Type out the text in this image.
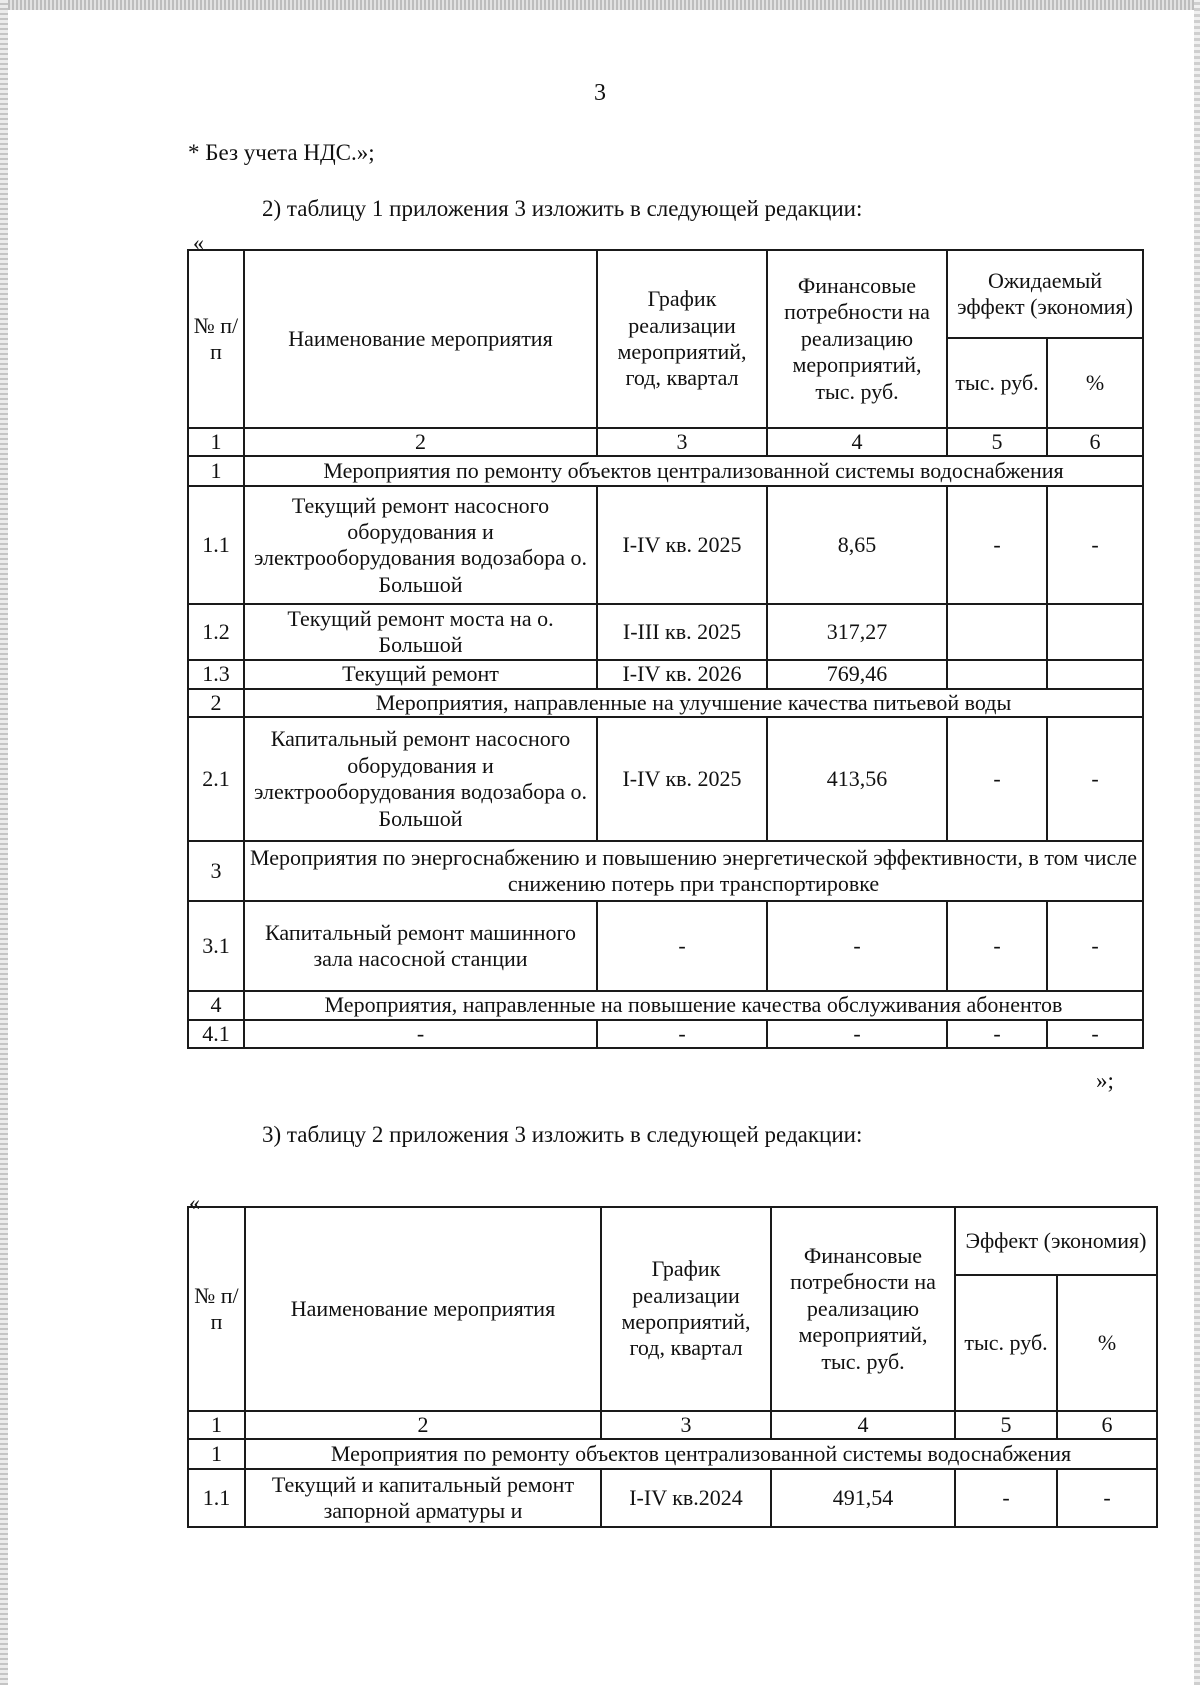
3
* Без учета НДС.»;
2) таблицу 1 приложения 3 изложить в следующей редакции:
«
№ п/п	Наименование мероприятия	График реализации мероприятий, год, квартал	Финансовые потребности на реализацию мероприятий, тыс. руб.	Ожидаемый эффект (экономия)	
				тыс. руб.	%
1	2	3	4	5	6
1	Мероприятия по ремонту объектов централизованной системы водоснабжения				
1.1	Текущий ремонт насосного оборудования и электрооборудования водозабора о. Большой	I-IV кв. 2025	8,65	-	-
1.2	Текущий ремонт моста на о. Большой	I-III кв. 2025	317,27		
1.3	Текущий ремонт	I-IV кв. 2026	769,46		
2	Мероприятия, направленные на улучшение качества питьевой воды				
2.1	Капитальный ремонт насосного оборудования и электрооборудования водозабора о. Большой	I-IV кв. 2025	413,56	-	-
3	Мероприятия по энергоснабжению и повышению энергетической эффективности, в том числе снижению потерь при транспортировке				
3.1	Капитальный ремонт машинного зала насосной станции	-	-	-	-
4	Мероприятия, направленные на повышение качества обслуживания абонентов				
4.1	-	-	-	-	-
»;
3) таблицу 2 приложения 3 изложить в следующей редакции:
«
№ п/п	Наименование мероприятия	График реализации мероприятий, год, квартал	Финансовые потребности на реализацию мероприятий, тыс. руб.	Эффект (экономия)	
				тыс. руб.	%
1	2	3	4	5	6
1	Мероприятия по ремонту объектов централизованной системы водоснабжения				
1.1	Текущий и капитальный ремонт запорной арматуры и	I-IV кв.2024	491,54	-	-
